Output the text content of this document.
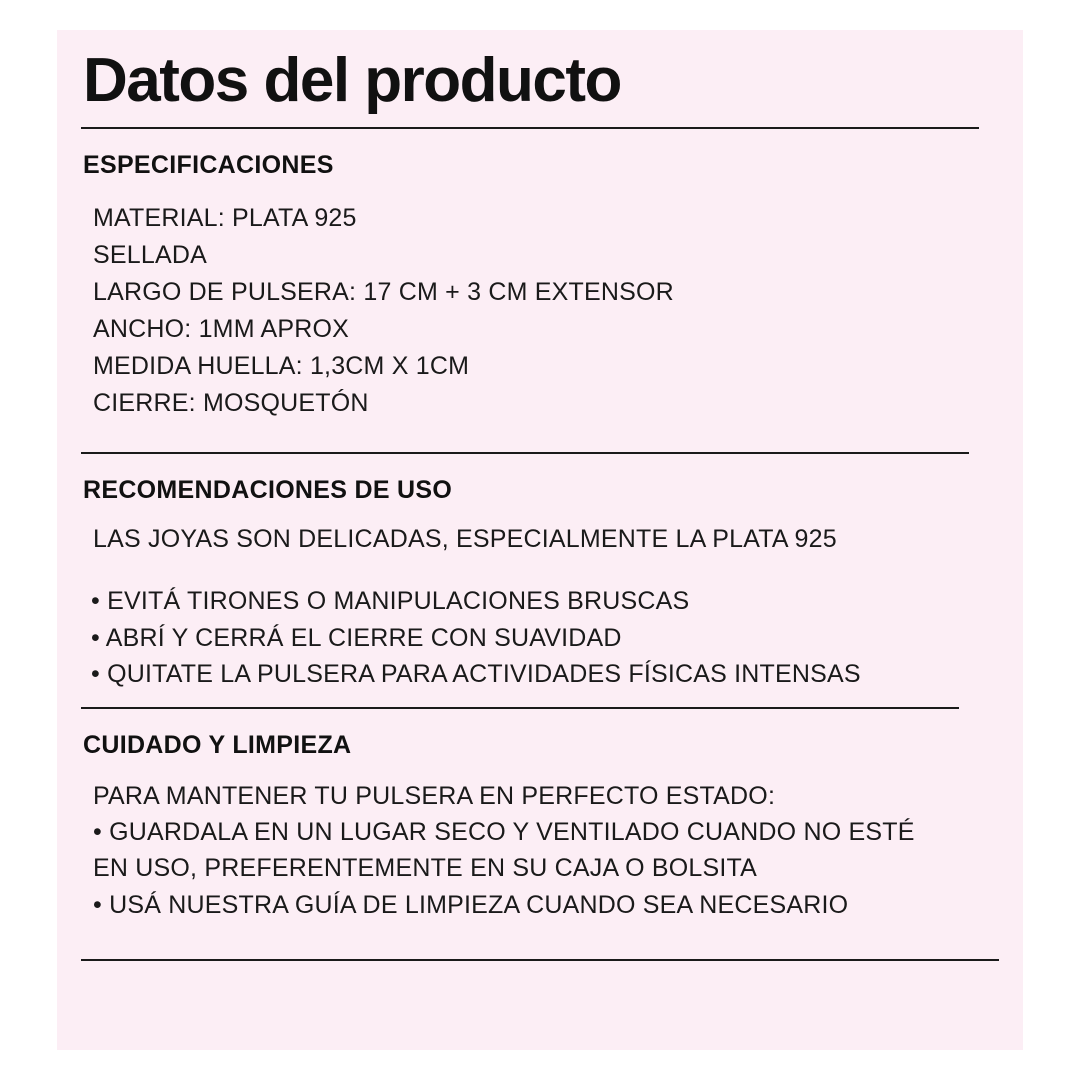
Datos del producto
ESPECIFICACIONES
MATERIAL: PLATA 925
SELLADA
LARGO DE PULSERA: 17 CM + 3 CM EXTENSOR
ANCHO: 1MM APROX
MEDIDA HUELLA: 1,3CM X 1CM
CIERRE: MOSQUETÓN
RECOMENDACIONES DE USO

LAS JOYAS SON DELICADAS, ESPECIALMENTE LA PLATA 925

• EVITÁ TIRONES O MANIPULACIONES BRUSCAS
• ABRÍ Y CERRÁ EL CIERRE CON SUAVIDAD
• QUITATE LA PULSERA PARA ACTIVIDADES FÍSICAS INTENSAS
CUIDADO Y LIMPIEZA

PARA MANTENER TU PULSERA EN PERFECTO ESTADO:

• GUARDALA EN UN LUGAR SECO Y VENTILADO CUANDO NO ESTÉ

EN USO, PREFERENTEMENTE EN SU CAJA O BOLSITA

• USÁ NUESTRA GUÍA DE LIMPIEZA CUANDO SEA NECESARIO
